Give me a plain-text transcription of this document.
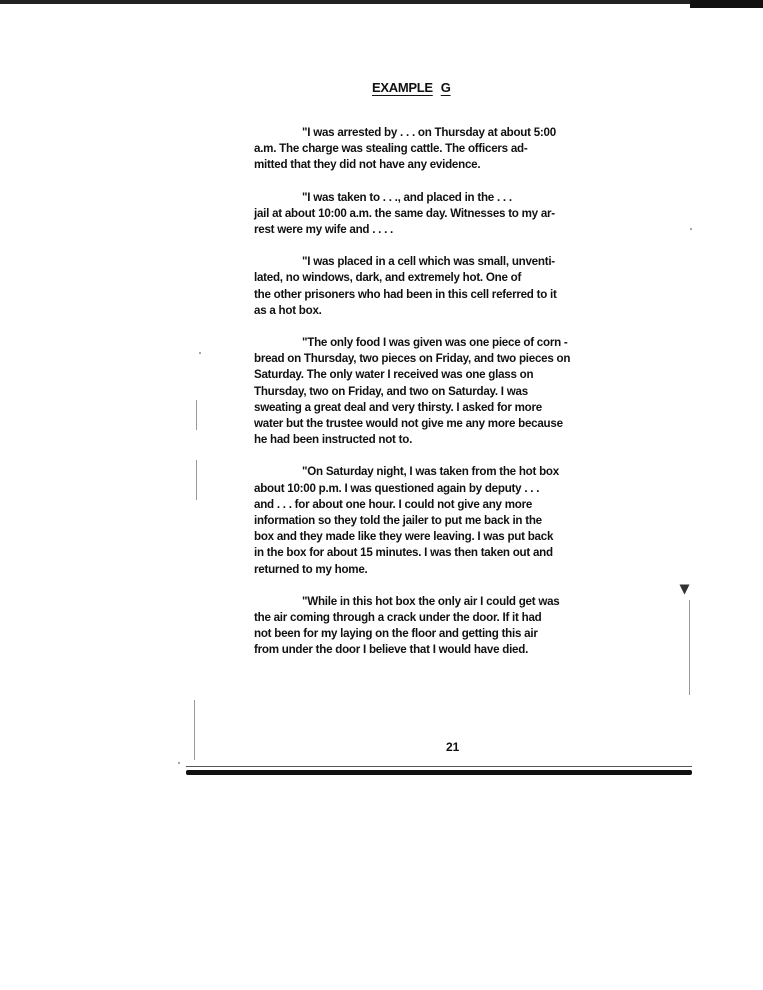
EXAMPLE G

"I was arrested by . . . on Thursday at about 5:00
a.m. The charge was stealing cattle. The officers ad-
mitted that they did not have any evidence.

"I was taken to . . ., and placed in the . . .
jail at about 10:00 a.m. the same day. Witnesses to my ar-
rest were my wife and . . . .

"I was placed in a cell which was small, unventi-
lated, no windows, dark, and extremely hot. One of
the other prisoners who had been in this cell referred to it
as a hot box.

"The only food I was given was one piece of corn -
bread on Thursday, two pieces on Friday, and two pieces on
Saturday. The only water I received was one glass on
Thursday, two on Friday, and two on Saturday. I was
sweating a great deal and very thirsty. I asked for more
water but the trustee would not give me any more because
he had been instructed not to.

"On Saturday night, I was taken from the hot box
about 10:00 p.m. I was questioned again by deputy . . .
and . . . for about one hour. I could not give any more
information so they told the jailer to put me back in the
box and they made like they were leaving. I was put back
in the box for about 15 minutes. I was then taken out and
returned to my home.

"While in this hot box the only air I could get was
the air coming through a crack under the door. If it had
not been for my laying on the floor and getting this air
from under the door I believe that I would have died.

21
▾
